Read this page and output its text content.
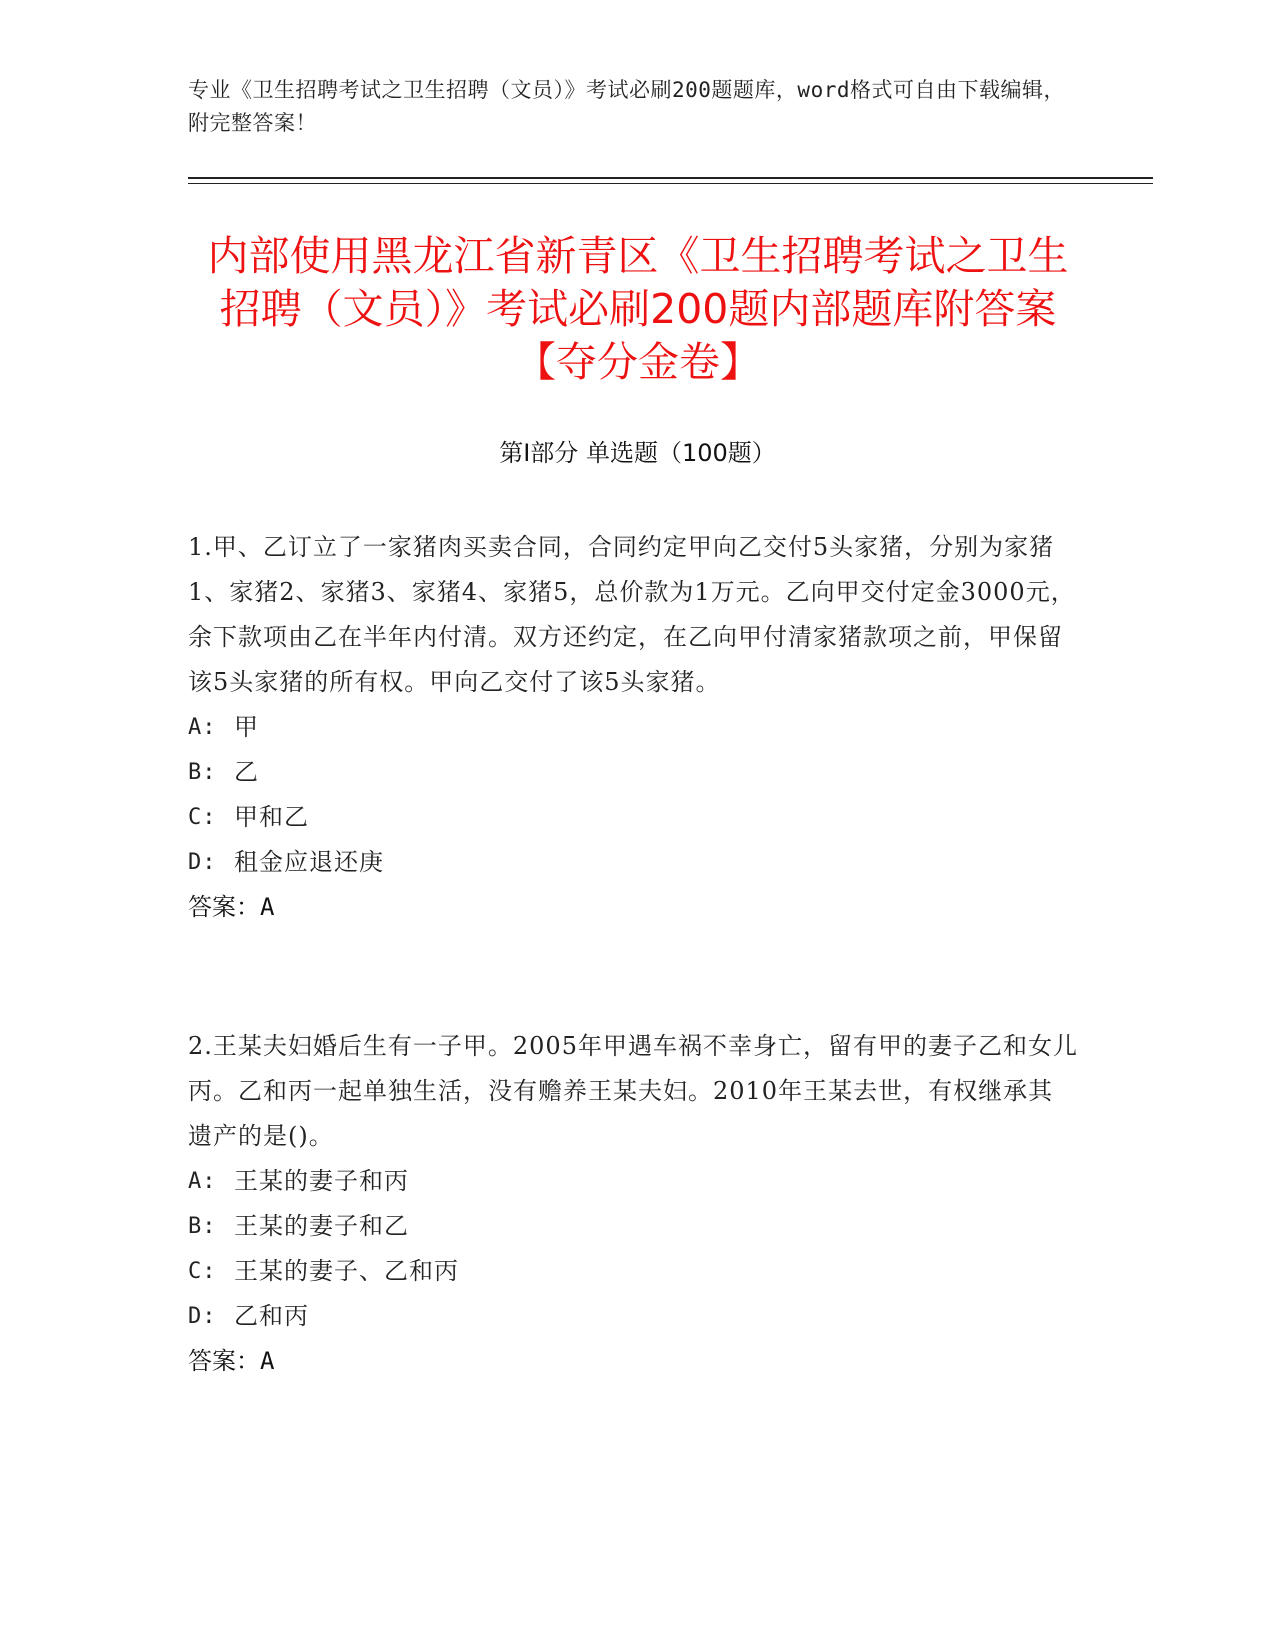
专业《卫生招聘考试之卫生招聘（文员）》考试必刷200题题库，word格式可自由下载编辑，附完整答案！
内部使用黑龙江省新青区《卫生招聘考试之卫生招聘（文员）》考试必刷200题内部题库附答案【夺分金卷】
第Ⅰ部分 单选题（100题）

1.甲、乙订立了一家猪肉买卖合同，合同约定甲向乙交付5头家猪，分别为家猪1、家猪2、家猪3、家猪4、家猪5，总价款为1万元。乙向甲交付定金3000元，余下款项由乙在半年内付清。双方还约定，在乙向甲付清家猪款项之前，甲保留该5头家猪的所有权。甲向乙交付了该5头家猪。

A: 甲
B: 乙
C: 甲和乙
D: 租金应退还庚
答案：A

2.王某夫妇婚后生有一子甲。2005年甲遇车祸不幸身亡，留有甲的妻子乙和女儿丙。乙和丙一起单独生活，没有赡养王某夫妇。2010年王某去世，有权继承其遗产的是()。

A: 王某的妻子和丙
B: 王某的妻子和乙
C: 王某的妻子、乙和丙
D: 乙和丙
答案：A
